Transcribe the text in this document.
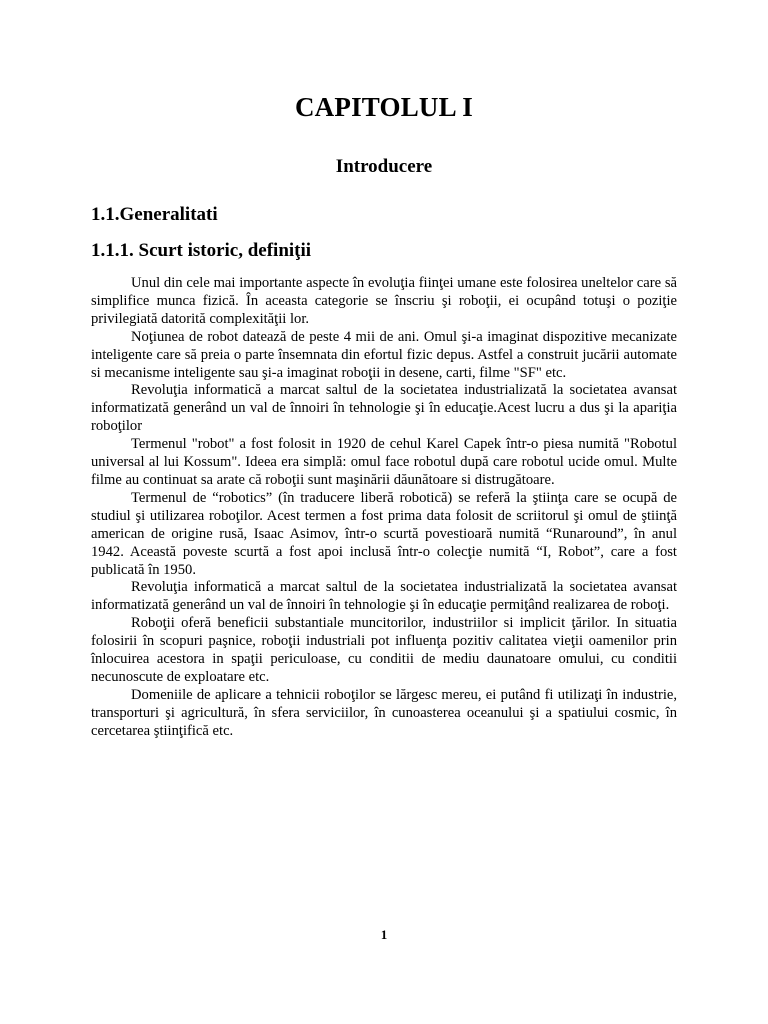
CAPITOLUL I
Introducere
1.1.Generalitati
1.1.1. Scurt istoric, definiţii

Unul din cele mai importante aspecte în evoluţia fiinţei umane este folosirea uneltelor care să simplifice munca fizică. În aceasta categorie se înscriu şi roboţii, ei ocupând totuşi o poziţie privilegiată datorită complexităţii lor.

Noţiunea de robot datează de peste 4 mii de ani. Omul şi-a imaginat dispozitive mecanizate inteligente care să preia o parte însemnata din efortul fizic depus. Astfel a construit jucării automate si mecanisme inteligente sau şi-a imaginat roboţii in desene, carti, filme "SF" etc.

Revoluţia informatică a marcat saltul de la societatea industrializată la societatea avansat informatizată generând un val de înnoiri în tehnologie şi în educaţie.Acest lucru a dus şi la apariţia roboţilor

Termenul "robot" a fost folosit in 1920 de cehul Karel Capek într-o piesa numită "Robotul universal al lui Kossum". Ideea era simplă: omul face robotul după care robotul ucide omul. Multe filme au continuat sa arate că roboţii sunt maşinării dăunătoare si distrugătoare.

Termenul de “robotics” (în traducere liberă robotică) se referă la ştiinţa care se ocupă de studiul şi utilizarea roboţilor. Acest termen a fost prima data folosit de scriitorul şi omul de ştiinţă american de origine rusă, Isaac Asimov, într-o scurtă povestioară numită “Runaround”, în anul 1942. Această poveste scurtă a fost apoi inclusă într-o colecţie numită “I, Robot”, care a fost publicată în 1950.

Revoluţia informatică a marcat saltul de la societatea industrializată la societatea avansat informatizată generând un val de înnoiri în tehnologie şi în educaţie permiţând realizarea de roboţi.

Roboţii oferă beneficii substantiale muncitorilor, industriilor si implicit ţărilor. In situatia folosirii în scopuri paşnice, roboţii industriali pot influenţa pozitiv calitatea vieţii oamenilor prin înlocuirea acestora in spaţii periculoase, cu conditii de mediu daunatoare omului, cu conditii necunoscute de exploatare etc.

Domeniile de aplicare a tehnicii roboţilor se lărgesc mereu, ei putând fi utilizaţi în industrie, transporturi şi agricultură, în sfera serviciilor, în cunoasterea oceanului şi a spatiului cosmic, în cercetarea ştiinţifică etc.

1
